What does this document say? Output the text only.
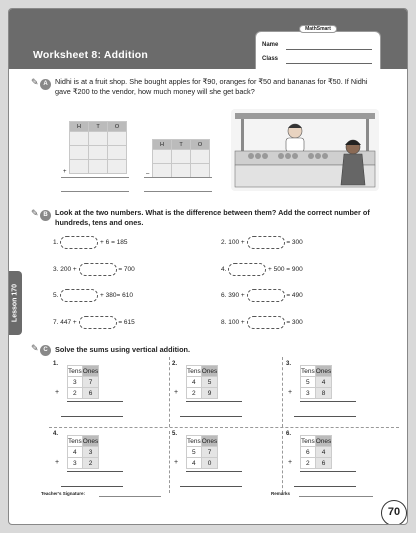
Worksheet 8: Addition
MathSmart
Name
Class
Lesson 170
✎ A	Nidhi is at a fruit shop. She bought apples for ₹90, oranges for ₹50 and bananas for ₹50. If Nidhi gave ₹200 to the vendor, how much money will she get back?
H	T	O

+
H	T	O

–
✎ B	Look at the two numbers. What is the difference between them? Add the correct number of hundreds, tens and ones.
1.	+ 6 = 185	2. 100 +	= 300
3. 200 +	= 700	4.	+ 500 = 900
5.	+ 380= 610	6. 390 +	= 490
7. 447 +	= 615	8. 100 +	= 300
✎ C	Solve the sums using vertical addition.
1.
Tens	Ones
3	7
2	6
+
2.
Tens	Ones
4	5
2	9
+
3.
Tens	Ones
5	4
3	8
+
4.
Tens	Ones
4	3
3	2
+
5.
Tens	Ones
5	7
4	0
+
6.
Tens	Ones
6	4
2	6
+
Teacher's Signature:	Remarks
70
